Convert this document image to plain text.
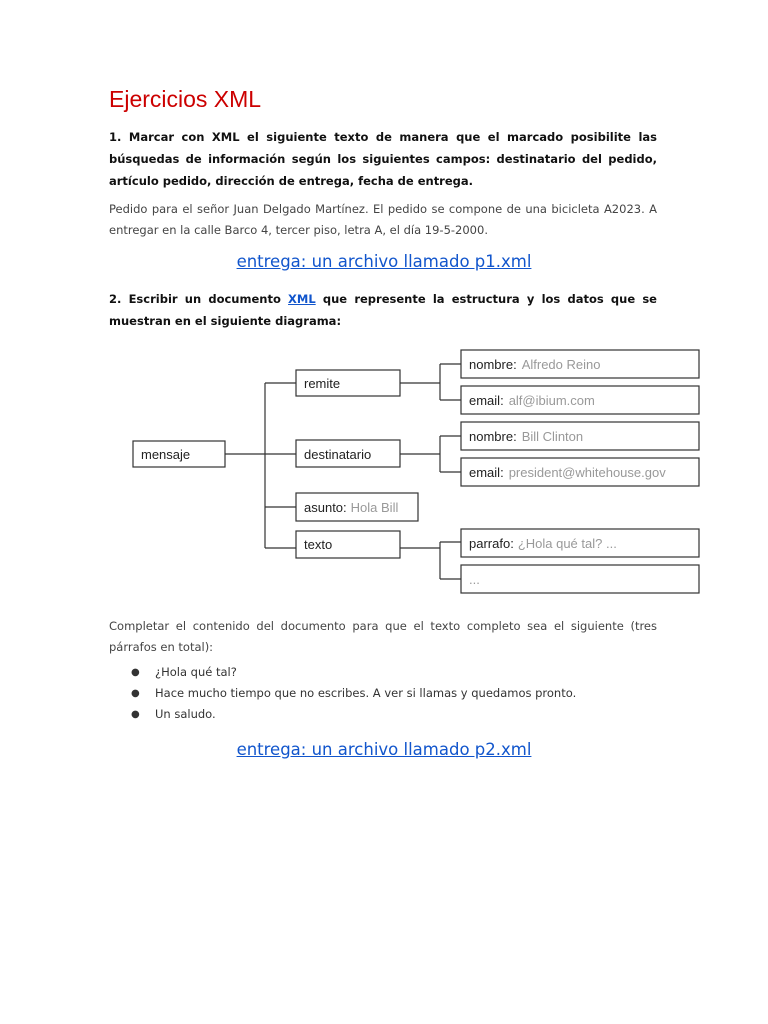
Ejercicios XML

1. Marcar con XML el siguiente texto de manera que el marcado posibilite las búsquedas de información según los siguientes campos: destinatario del pedido, artículo pedido, dirección de entrega, fecha de entrega.

Pedido para el señor Juan Delgado Martínez. El pedido se compone de una bicicleta A2023. A entregar en la calle Barco 4, tercer piso, letra A, el día 19-5-2000.

entrega: un archivo llamado p1.xml

2. Escribir un documento XML que represente la estructura y los datos que se muestran en el siguiente diagrama:

mensaje
remite
nombre: Alfredo Reino
email: alf@ibium.com
destinatario
nombre: Bill Clinton
email: president@whitehouse.gov
asunto: Hola Bill
texto	parrafo: ¿Hola qué tal? ...
...

Completar el contenido del documento para que el texto completo sea el siguiente (tres párrafos en total):

● ¿Hola qué tal?
● Hace mucho tiempo que no escribes. A ver si llamas y quedamos pronto.
● Un saludo.

entrega: un archivo llamado p2.xml
